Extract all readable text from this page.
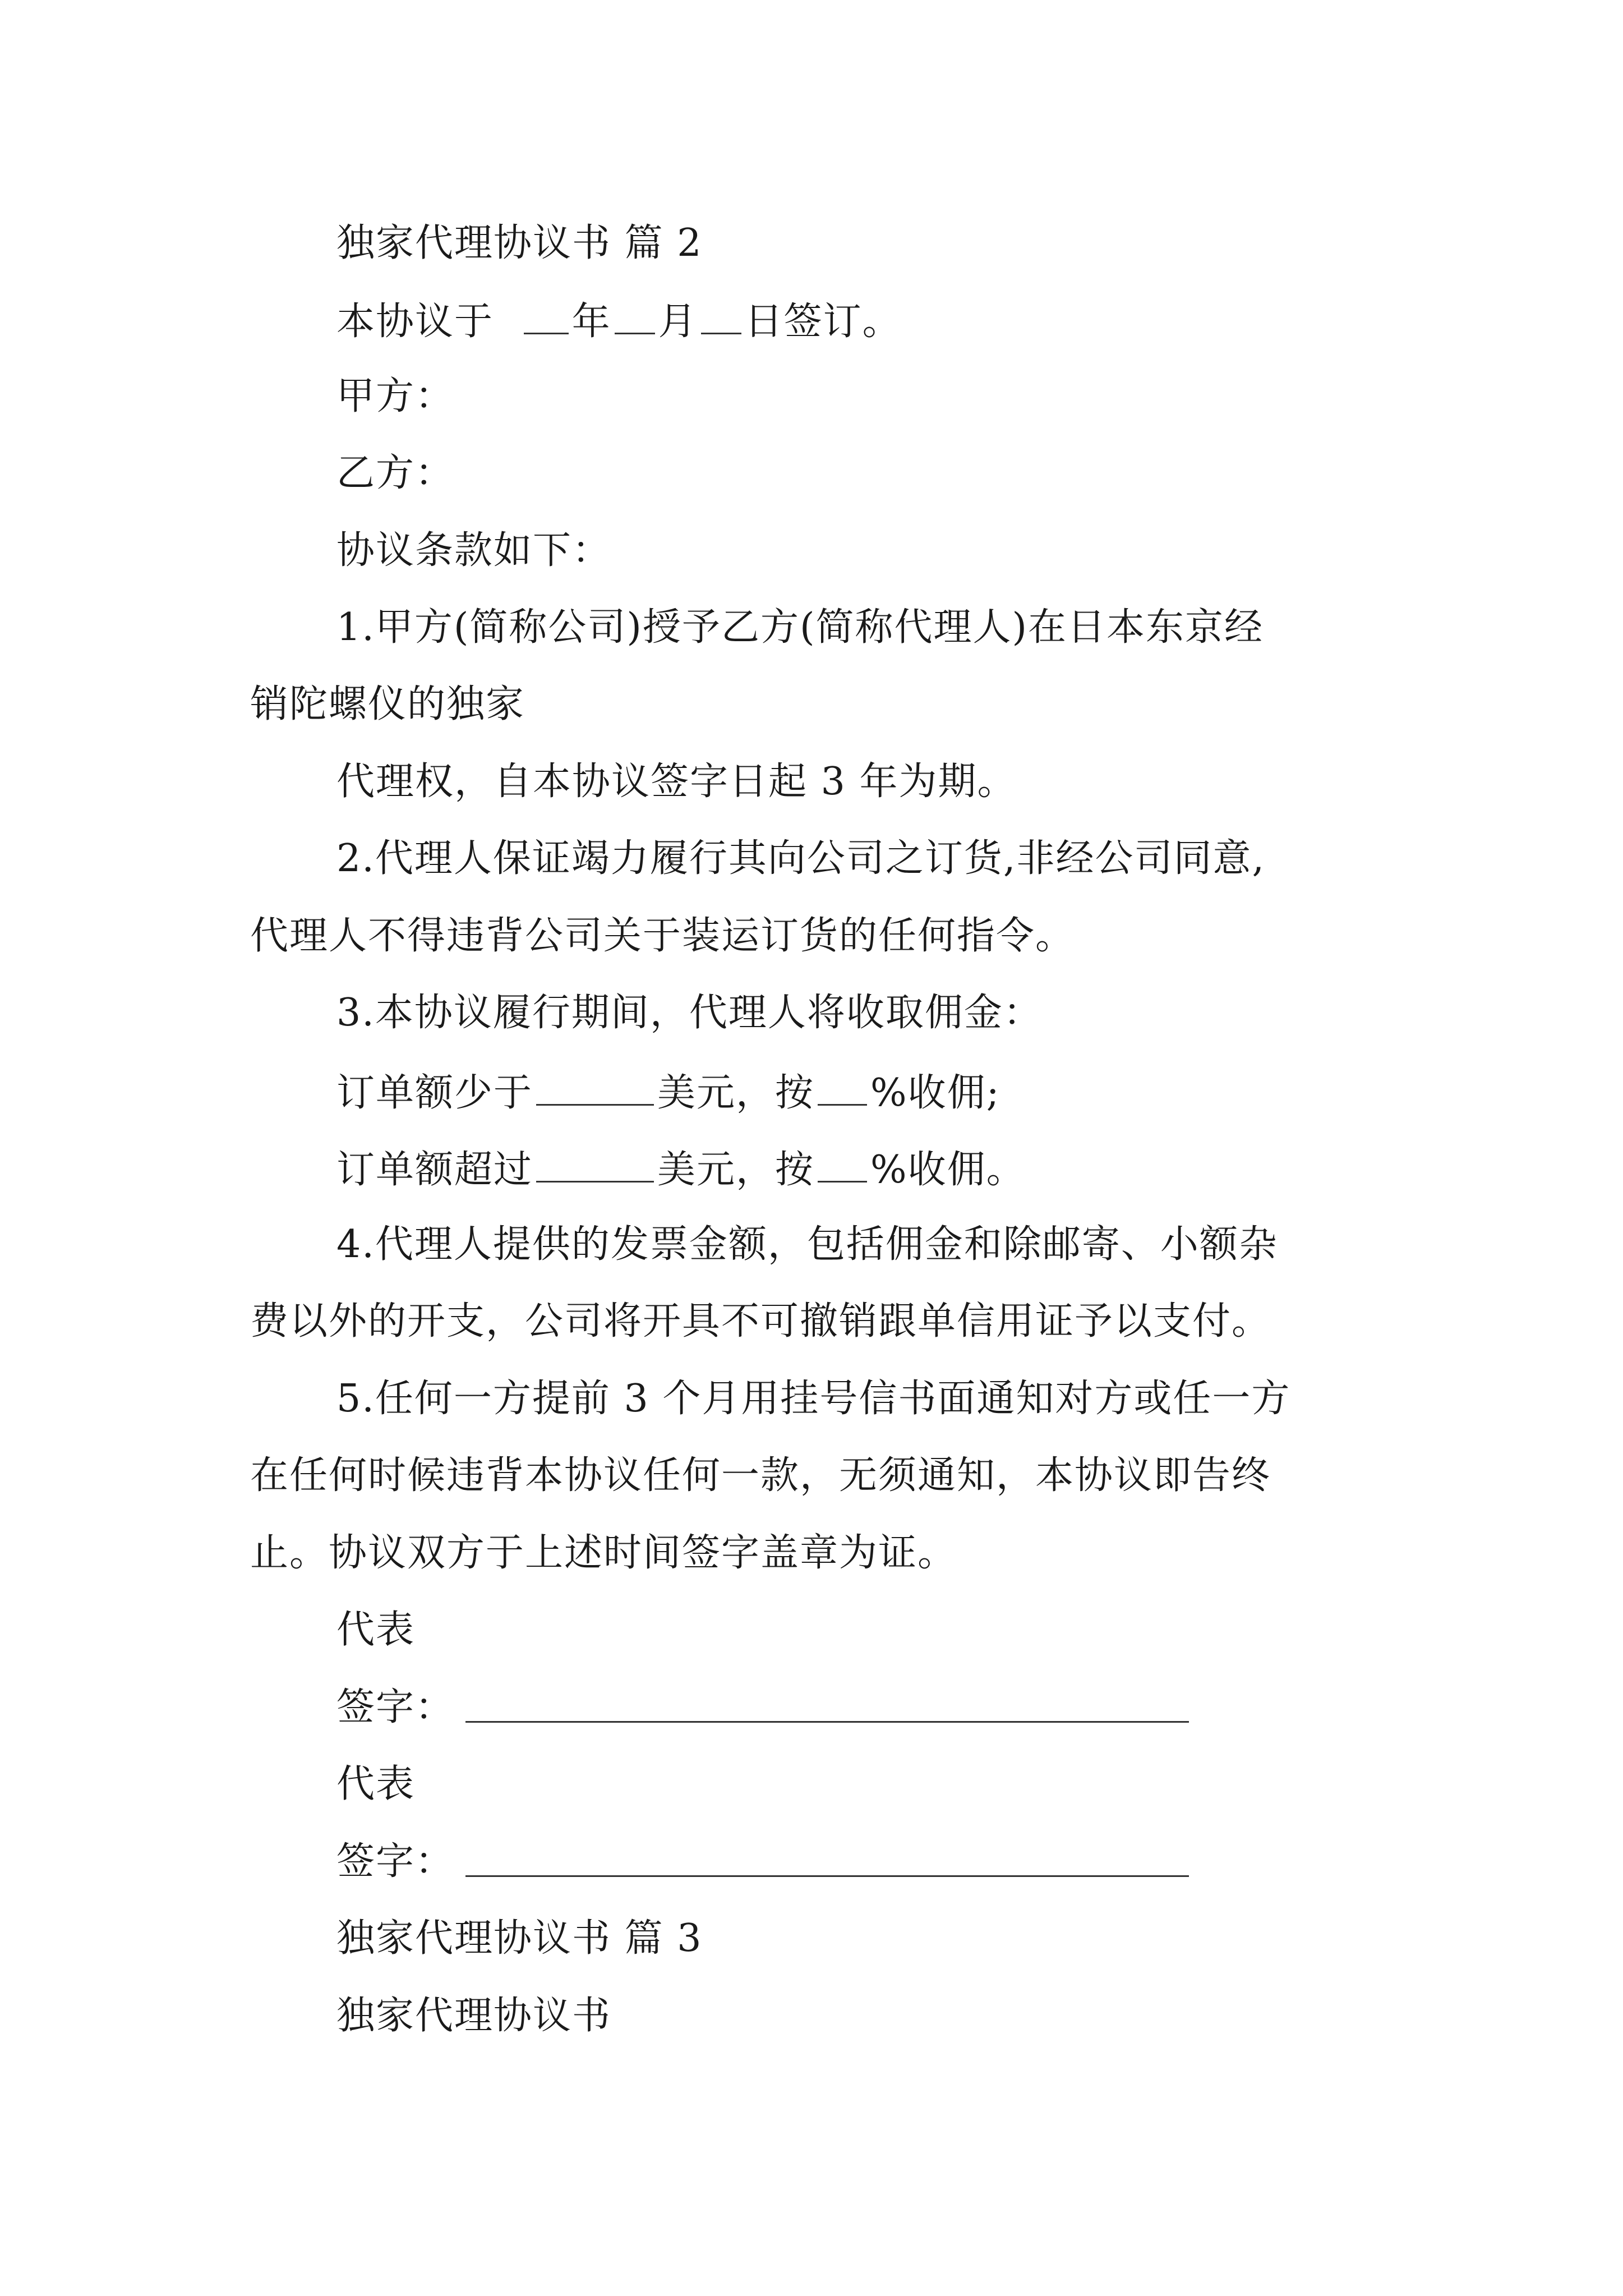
独家代理协议书 篇 2
本协议于 年 月 日签订。
甲方：
乙方：
协议条款如下：
1.甲方(简称公司)授予乙方(简称代理人)在日本东京经
销陀螺仪的独家
代理权，自本协议签字日起 3 年为期。
2.代理人保证竭力履行其向公司之订货,非经公司同意,
代理人不得违背公司关于装运订货的任何指令。
3.本协议履行期间，代理人将收取佣金：
订单额少于	美元，按 %收佣;
订单额超过	美元，按 %收佣。
4.代理人提供的发票金额，包括佣金和除邮寄、小额杂
费以外的开支，公司将开具不可撤销跟单信用证予以支付。
5.任何一方提前 3 个月用挂号信书面通知对方或任一方
在任何时候违背本协议任何一款，无须通知，本协议即告终
止。协议双方于上述时间签字盖章为证。
代表
签字：
代表
签字：
独家代理协议书 篇 3
独家代理协议书
